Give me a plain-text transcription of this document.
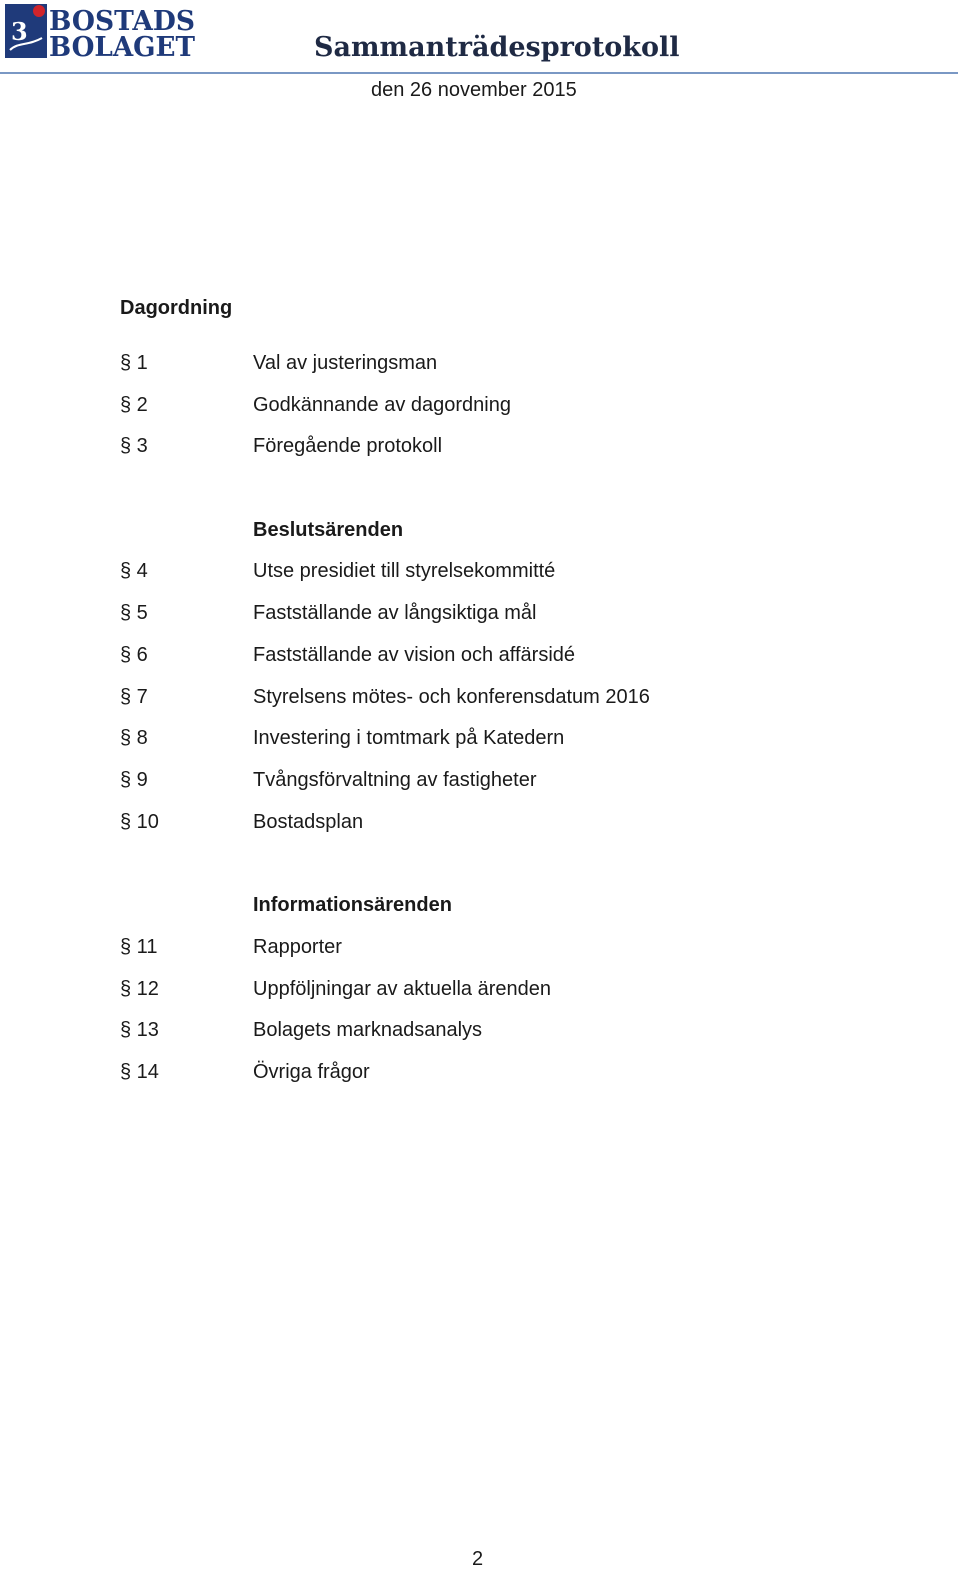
3 BOSTADS
BOLAGET	Sammanträdesprotokoll
den 26 november 2015
Dagordning
§ 1	Val av justeringsman
§ 2	Godkännande av dagordning
§ 3	Föregående protokoll
Beslutsärenden
§ 4	Utse presidiet till styrelsekommitté
§ 5	Fastställande av långsiktiga mål
§ 6	Fastställande av vision och affärsidé
§ 7	Styrelsens mötes- och konferensdatum 2016
§ 8	Investering i tomtmark på Katedern
§ 9	Tvångsförvaltning av fastigheter
§ 10	Bostadsplan
Informationsärenden
§ 11	Rapporter
§ 12	Uppföljningar av aktuella ärenden
§ 13	Bolagets marknadsanalys
§ 14	Övriga frågor
2
